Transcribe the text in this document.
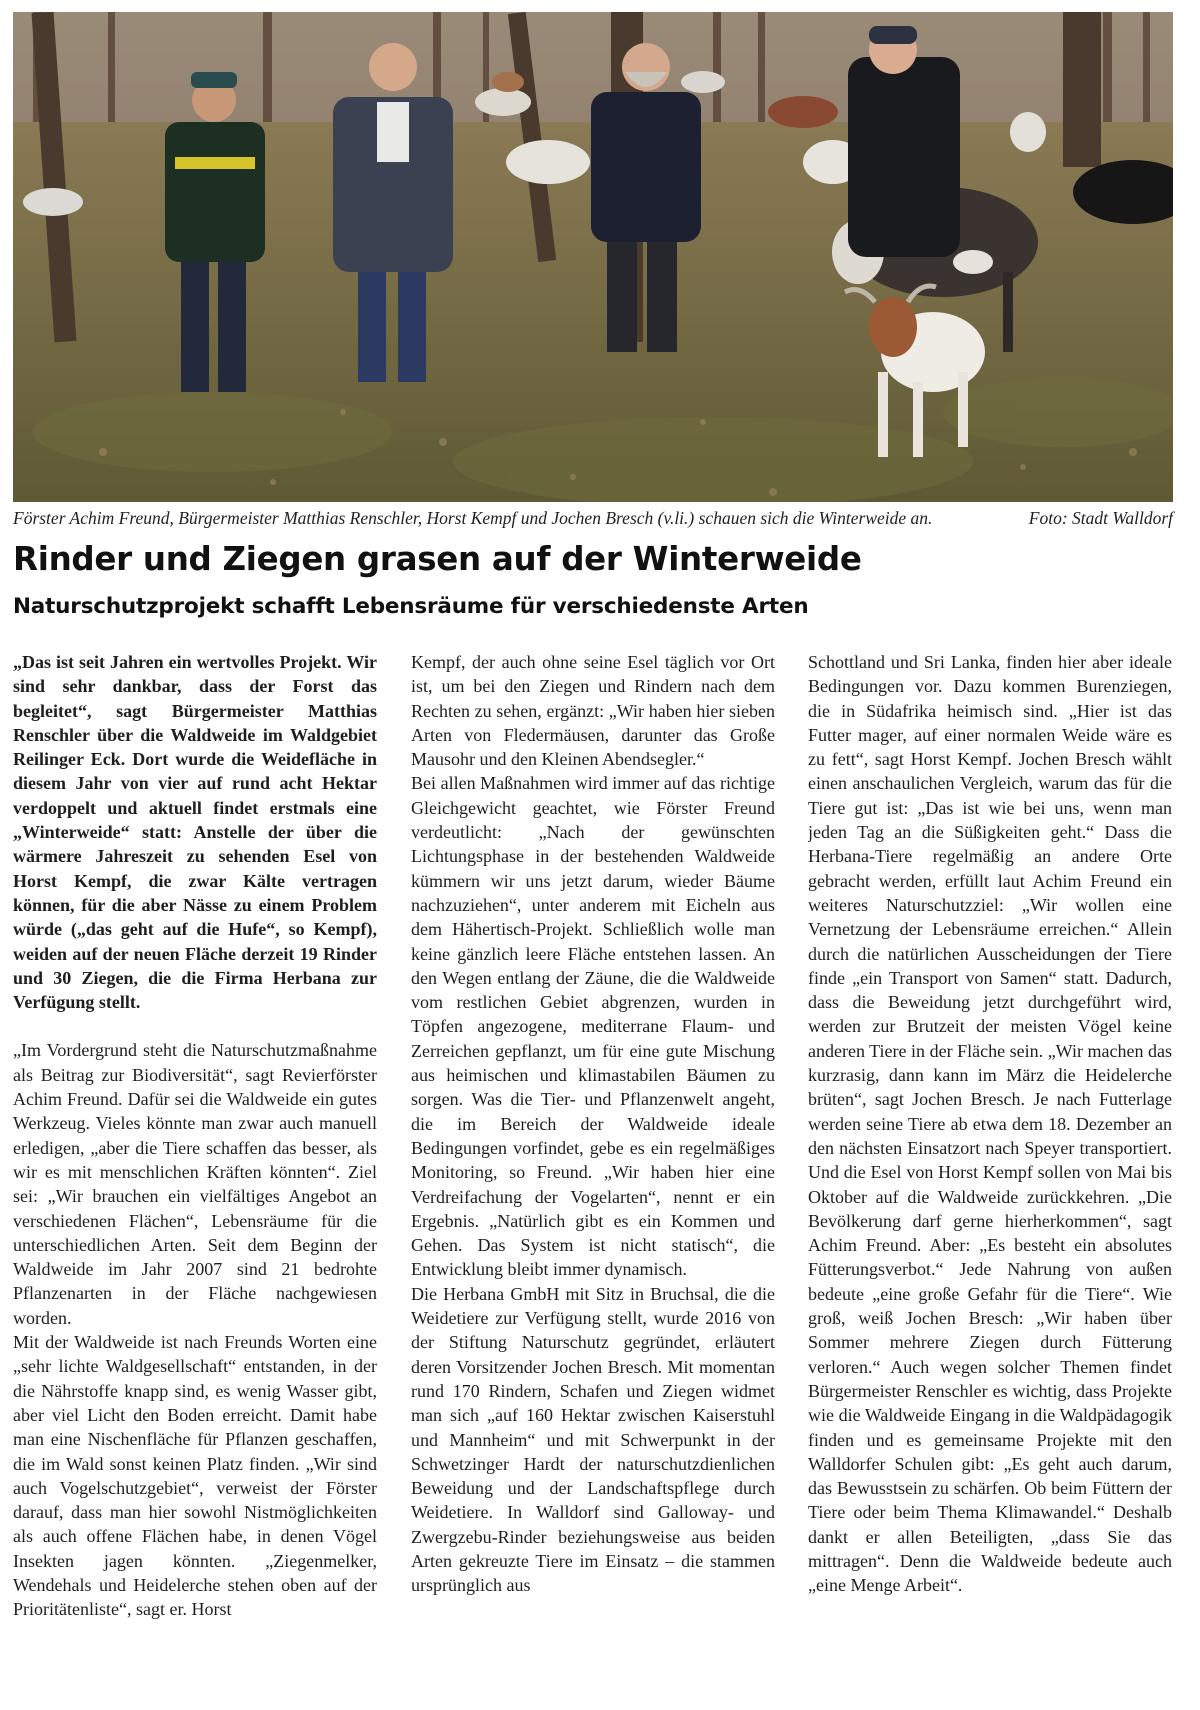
Förster Achim Freund, Bürgermeister Matthias Renschler, Horst Kempf und Jochen Bresch (v.li.) schauen sich die Winterweide an.	Foto: Stadt Walldorf
Rinder und Ziegen grasen auf der Winterweide
Naturschutzprojekt schafft Lebensräume für verschiedenste Arten

„Das ist seit Jahren ein wertvolles Projekt. Wir sind sehr dankbar, dass der Forst das begleitet“, sagt Bürgermeister Matthias Renschler über die Waldweide im Waldgebiet Reilinger Eck. Dort wurde die Weidefläche in diesem Jahr von vier auf rund acht Hektar verdoppelt und aktuell findet erstmals eine „Winterweide“ statt: Anstelle der über die wärmere Jahreszeit zu sehenden Esel von Horst Kempf, die zwar Kälte vertragen können, für die aber Nässe zu einem Problem würde („das geht auf die Hufe“, so Kempf), weiden auf der neuen Fläche derzeit 19 Rinder und 30 Ziegen, die die Firma Herbana zur Verfügung stellt.

„Im Vordergrund steht die Naturschutzmaßnahme als Beitrag zur Biodiversität“, sagt Revierförster Achim Freund. Dafür sei die Waldweide ein gutes Werkzeug. Vieles könnte man zwar auch manuell erledigen, „aber die Tiere schaffen das besser, als wir es mit menschlichen Kräften könnten“. Ziel sei: „Wir brauchen ein vielfältiges Angebot an verschiedenen Flächen“, Lebensräume für die unterschiedlichen Arten. Seit dem Beginn der Waldweide im Jahr 2007 sind 21 bedrohte Pflanzenarten in der Fläche nachgewiesen worden.

Mit der Waldweide ist nach Freunds Worten eine „sehr lichte Waldgesellschaft“ entstanden, in der die Nährstoffe knapp sind, es wenig Wasser gibt, aber viel Licht den Boden erreicht. Damit habe man eine Nischenfläche für Pflanzen geschaffen, die im Wald sonst keinen Platz finden. „Wir sind auch Vogelschutzgebiet“, verweist der Förster darauf, dass man hier sowohl Nistmöglichkeiten als auch offene Flächen habe, in denen Vögel Insekten jagen könnten. „Ziegenmelker, Wendehals und Heidelerche stehen oben auf der Prioritätenliste“, sagt er. Horst

Kempf, der auch ohne seine Esel täglich vor Ort ist, um bei den Ziegen und Rindern nach dem Rechten zu sehen, ergänzt: „Wir haben hier sieben Arten von Fledermäusen, darunter das Große Mausohr und den Kleinen Abendsegler.“

Bei allen Maßnahmen wird immer auf das richtige Gleichgewicht geachtet, wie Förster Freund verdeutlicht: „Nach der gewünschten Lichtungsphase in der bestehenden Waldweide kümmern wir uns jetzt darum, wieder Bäume nachzuziehen“, unter anderem mit Eicheln aus dem Hähertisch-Projekt. Schließlich wolle man keine gänzlich leere Fläche entstehen lassen. An den Wegen entlang der Zäune, die die Waldweide vom restlichen Gebiet abgrenzen, wurden in Töpfen angezogene, mediterrane Flaum- und Zerreichen gepflanzt, um für eine gute Mischung aus heimischen und klimastabilen Bäumen zu sorgen. Was die Tier- und Pflanzenwelt angeht, die im Bereich der Waldweide ideale Bedingungen vorfindet, gebe es ein regelmäßiges Monitoring, so Freund. „Wir haben hier eine Verdreifachung der Vogelarten“, nennt er ein Ergebnis. „Natürlich gibt es ein Kommen und Gehen. Das System ist nicht statisch“, die Entwicklung bleibt immer dynamisch.

Die Herbana GmbH mit Sitz in Bruchsal, die die Weidetiere zur Verfügung stellt, wurde 2016 von der Stiftung Naturschutz gegründet, erläutert deren Vorsitzender Jochen Bresch. Mit momentan rund 170 Rindern, Schafen und Ziegen widmet man sich „auf 160 Hektar zwischen Kaiserstuhl und Mannheim“ und mit Schwerpunkt in der Schwetzinger Hardt der naturschutzdienlichen Beweidung und der Landschaftspflege durch Weidetiere. In Walldorf sind Galloway- und Zwergzebu-Rinder beziehungsweise aus beiden Arten gekreuzte Tiere im Einsatz – die stammen ursprünglich aus

Schottland und Sri Lanka, finden hier aber ideale Bedingungen vor. Dazu kommen Burenziegen, die in Südafrika heimisch sind. „Hier ist das Futter mager, auf einer normalen Weide wäre es zu fett“, sagt Horst Kempf. Jochen Bresch wählt einen anschaulichen Vergleich, warum das für die Tiere gut ist: „Das ist wie bei uns, wenn man jeden Tag an die Süßigkeiten geht.“ Dass die Herbana-Tiere regelmäßig an andere Orte gebracht werden, erfüllt laut Achim Freund ein weiteres Naturschutzziel: „Wir wollen eine Vernetzung der Lebensräume erreichen.“ Allein durch die natürlichen Ausscheidungen der Tiere finde „ein Transport von Samen“ statt. Dadurch, dass die Beweidung jetzt durchgeführt wird, werden zur Brutzeit der meisten Vögel keine anderen Tiere in der Fläche sein. „Wir machen das kurzrasig, dann kann im März die Heidelerche brüten“, sagt Jochen Bresch. Je nach Futterlage werden seine Tiere ab etwa dem 18. Dezember an den nächsten Einsatzort nach Speyer transportiert. Und die Esel von Horst Kempf sollen von Mai bis Oktober auf die Waldweide zurückkehren. „Die Bevölkerung darf gerne hierherkommen“, sagt Achim Freund. Aber: „Es besteht ein absolutes Fütterungsverbot.“ Jede Nahrung von außen bedeute „eine große Gefahr für die Tiere“. Wie groß, weiß Jochen Bresch: „Wir haben über Sommer mehrere Ziegen durch Fütterung verloren.“ Auch wegen solcher Themen findet Bürgermeister Renschler es wichtig, dass Projekte wie die Waldweide Eingang in die Waldpädagogik finden und es gemeinsame Projekte mit den Walldorfer Schulen gibt: „Es geht auch darum, das Bewusstsein zu schärfen. Ob beim Füttern der Tiere oder beim Thema Klimawandel.“ Deshalb dankt er allen Beteiligten, „dass Sie das mittragen“. Denn die Waldweide bedeute auch „eine Menge Arbeit“.
